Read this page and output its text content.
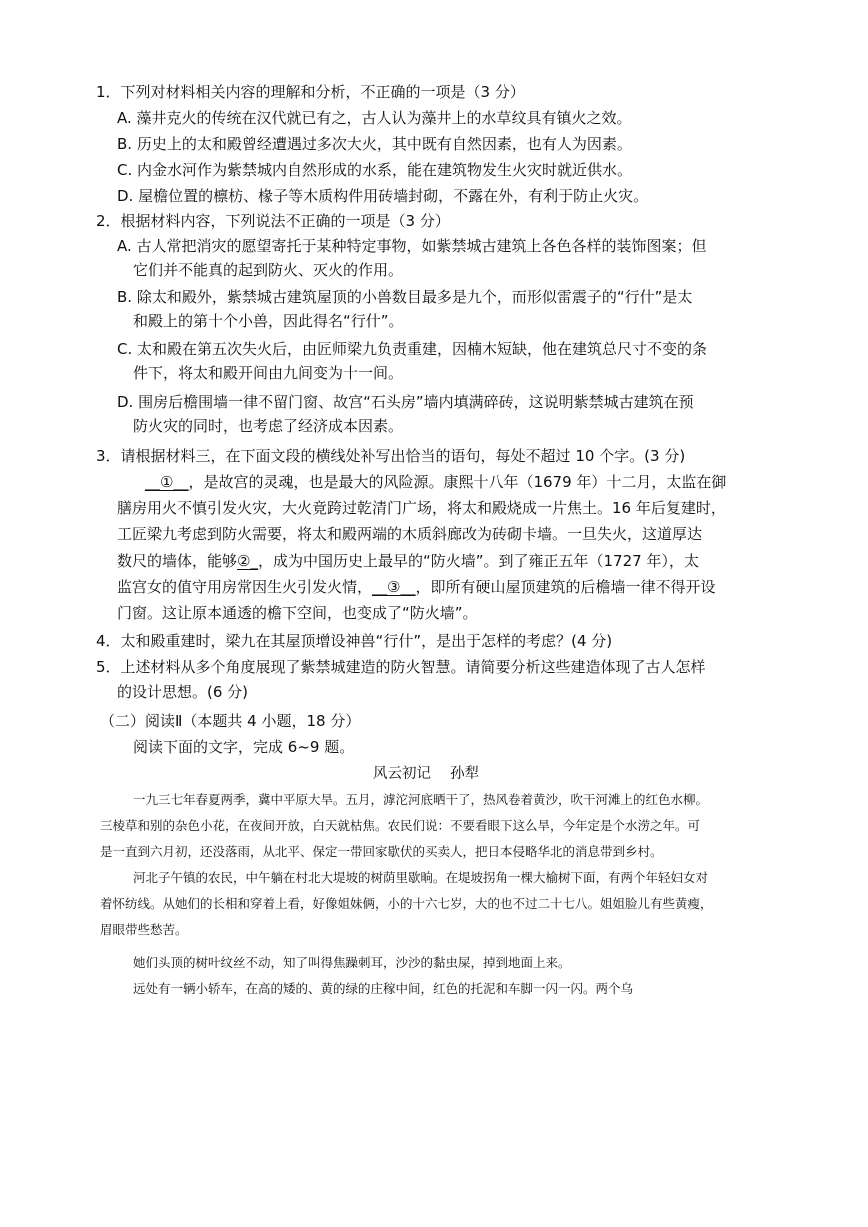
1．下列对材料相关内容的理解和分析，不正确的一项是（3 分）
A. 藻井克火的传统在汉代就已有之，古人认为藻井上的水草纹具有镇火之效。
B. 历史上的太和殿曾经遭遇过多次大火，其中既有自然因素，也有人为因素。
C. 内金水河作为紫禁城内自然形成的水系，能在建筑物发生火灾时就近供水。
D. 屋檐位置的檩枋、椽子等木质构件用砖墙封砌，不露在外，有利于防止火灾。
2．根据材料内容，下列说法不正确的一项是（3 分）
A. 古人常把消灾的愿望寄托于某种特定事物，如紫禁城古建筑上各色各样的装饰图案；但
它们并不能真的起到防火、灭火的作用。
B. 除太和殿外，紫禁城古建筑屋顶的小兽数目最多是九个，而形似雷震子的“行什”是太
和殿上的第十个小兽，因此得名“行什”。
C. 太和殿在第五次失火后，由匠师梁九负责重建，因楠木短缺，他在建筑总尺寸不变的条
件下，将太和殿开间由九间变为十一间。
D. 围房后檐围墙一律不留门窗、故宫“石头房”墙内填满碎砖，这说明紫禁城古建筑在预
防火灾的同时，也考虑了经济成本因素。
3．请根据材料三，在下面文段的横线处补写出恰当的语句，每处不超过 10 个字。(3 分)
__①__，是故宫的灵魂，也是最大的风险源。康熙十八年（1679 年）十二月，太监在御
膳房用火不慎引发火灾，大火竟跨过乾清门广场，将太和殿烧成一片焦土。16 年后复建时，
工匠梁九考虑到防火需要，将太和殿两端的木质斜廊改为砖砌卡墙。一旦失火，这道厚达
数尺的墙体，能够②_，成为中国历史上最早的“防火墙”。到了雍正五年（1727 年），太
监宫女的值守用房常因生火引发火情，__③__，即所有硬山屋顶建筑的后檐墙一律不得开设
门窗。这让原本通透的檐下空间，也变成了“防火墙”。
4．太和殿重建时，梁九在其屋顶增设神兽“行什”，是出于怎样的考虑？(4 分)
5．上述材料从多个角度展现了紫禁城建造的防火智慧。请简要分析这些建造体现了古人怎样
的设计思想。(6 分)
（二）阅读Ⅱ（本题共 4 小题，18 分）
阅读下面的文字，完成 6~9 题。
风云初记　 孙犁
一九三七年春夏两季，冀中平原大旱。五月，滹沱河底晒干了，热风卷着黄沙，吹干河滩上的红色水柳。
三棱草和别的杂色小花，在夜间开放，白天就枯焦。农民们说：不要看眼下这么旱，今年定是个水涝之年。可
是一直到六月初，还没落雨，从北平、保定一带回家歇伏的买卖人，把日本侵略华北的消息带到乡村。
河北子午镇的农民，中午躺在村北大堤坡的树荫里歇晌。在堤坡拐角一棵大榆树下面，有两个年轻妇女对
着怀纺线。从她们的长相和穿着上看，好像姐妹俩，小的十六七岁，大的也不过二十七八。姐姐脸儿有些黄瘦，
眉眼带些愁苦。
她们头顶的树叶纹丝不动，知了叫得焦躁刺耳，沙沙的黏虫屎，掉到地面上来。
远处有一辆小轿车，在高的矮的、黄的绿的庄稼中间，红色的托泥和车脚一闪一闪。两个乌
